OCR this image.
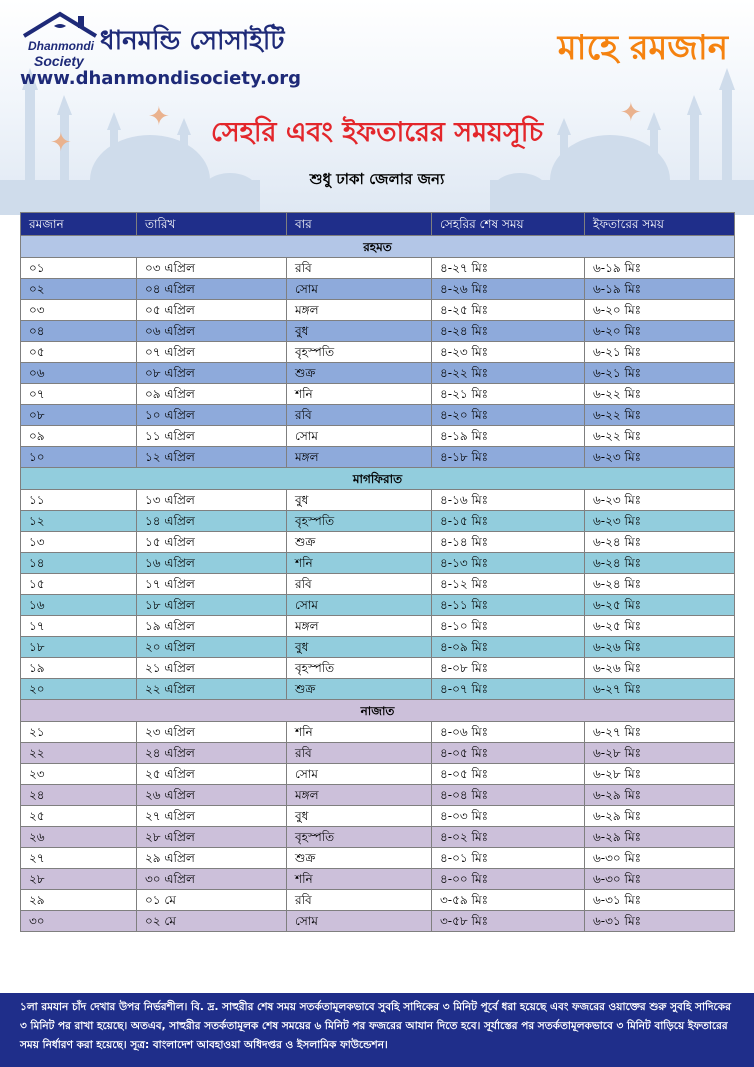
✦
✦	✦
Dhanmondi
Society
ধানমন্ডি সোসাইটি
www.dhanmondisociety.org
মাহে রমজান
সেহরি এবং ইফতারের সময়সূচি
শুধু ঢাকা জেলার জন্য
রমজান	তারিখ	বার	সেহরির শেষ সময়	ইফতারের সময়
রহমত				
০১	০৩ এপ্রিল	রবি	৪-২৭ মিঃ	৬-১৯ মিঃ
০২	০৪ এপ্রিল	সোম	৪-২৬ মিঃ	৬-১৯ মিঃ
০৩	০৫ এপ্রিল	মঙ্গল	৪-২৫ মিঃ	৬-২০ মিঃ
০৪	০৬ এপ্রিল	বুধ	৪-২৪ মিঃ	৬-২০ মিঃ
০৫	০৭ এপ্রিল	বৃহস্পতি	৪-২৩ মিঃ	৬-২১ মিঃ
০৬	০৮ এপ্রিল	শুক্র	৪-২২ মিঃ	৬-২১ মিঃ
০৭	০৯ এপ্রিল	শনি	৪-২১ মিঃ	৬-২২ মিঃ
০৮	১০ এপ্রিল	রবি	৪-২০ মিঃ	৬-২২ মিঃ
০৯	১১ এপ্রিল	সোম	৪-১৯ মিঃ	৬-২২ মিঃ
১০	১২ এপ্রিল	মঙ্গল	৪-১৮ মিঃ	৬-২৩ মিঃ
মাগফিরাত				
১১	১৩ এপ্রিল	বুধ	৪-১৬ মিঃ	৬-২৩ মিঃ
১২	১৪ এপ্রিল	বৃহস্পতি	৪-১৫ মিঃ	৬-২৩ মিঃ
১৩	১৫ এপ্রিল	শুক্র	৪-১৪ মিঃ	৬-২৪ মিঃ
১৪	১৬ এপ্রিল	শনি	৪-১৩ মিঃ	৬-২৪ মিঃ
১৫	১৭ এপ্রিল	রবি	৪-১২ মিঃ	৬-২৪ মিঃ
১৬	১৮ এপ্রিল	সোম	৪-১১ মিঃ	৬-২৫ মিঃ
১৭	১৯ এপ্রিল	মঙ্গল	৪-১০ মিঃ	৬-২৫ মিঃ
১৮	২০ এপ্রিল	বুধ	৪-০৯ মিঃ	৬-২৬ মিঃ
১৯	২১ এপ্রিল	বৃহস্পতি	৪-০৮ মিঃ	৬-২৬ মিঃ
২০	২২ এপ্রিল	শুক্র	৪-০৭ মিঃ	৬-২৭ মিঃ
নাজাত				
২১	২৩ এপ্রিল	শনি	৪-০৬ মিঃ	৬-২৭ মিঃ
২২	২৪ এপ্রিল	রবি	৪-০৫ মিঃ	৬-২৮ মিঃ
২৩	২৫ এপ্রিল	সোম	৪-০৫ মিঃ	৬-২৮ মিঃ
২৪	২৬ এপ্রিল	মঙ্গল	৪-০৪ মিঃ	৬-২৯ মিঃ
২৫	২৭ এপ্রিল	বুধ	৪-০৩ মিঃ	৬-২৯ মিঃ
২৬	২৮ এপ্রিল	বৃহস্পতি	৪-০২ মিঃ	৬-২৯ মিঃ
২৭	২৯ এপ্রিল	শুক্র	৪-০১ মিঃ	৬-৩০ মিঃ
২৮	৩০ এপ্রিল	শনি	৪-০০ মিঃ	৬-৩০ মিঃ
২৯	০১ মে	রবি	৩-৫৯ মিঃ	৬-৩১ মিঃ
৩০	০২ মে	সোম	৩-৫৮ মিঃ	৬-৩১ মিঃ

১লা রমযান চাঁদ দেখার উপর নির্ভরশীল। বি. দ্র. সাহুরীর শেষ সময় সতর্কতামূলকভাবে সুবহি সাদিকের ৩ মিনিট পূর্বে ধরা হয়েছে এবং ফজরের ওয়াক্তের শুরু সুবহি সাদিকের ৩ মিনিট পর রাখা হয়েছে। অতএব, সাহুরীর সতর্কতামূলক শেষ সময়ের ৬ মিনিট পর ফজরের আযান দিতে হবে। সূর্যাস্তের পর সতর্কতামূলকভাবে ৩ মিনিট বাড়িয়ে ইফতারের সময় নির্ধারণ করা হয়েছে। সূত্র: বাংলাদেশ আবহাওয়া অধিদপ্তর ও ইসলামিক ফাউন্ডেশন।
